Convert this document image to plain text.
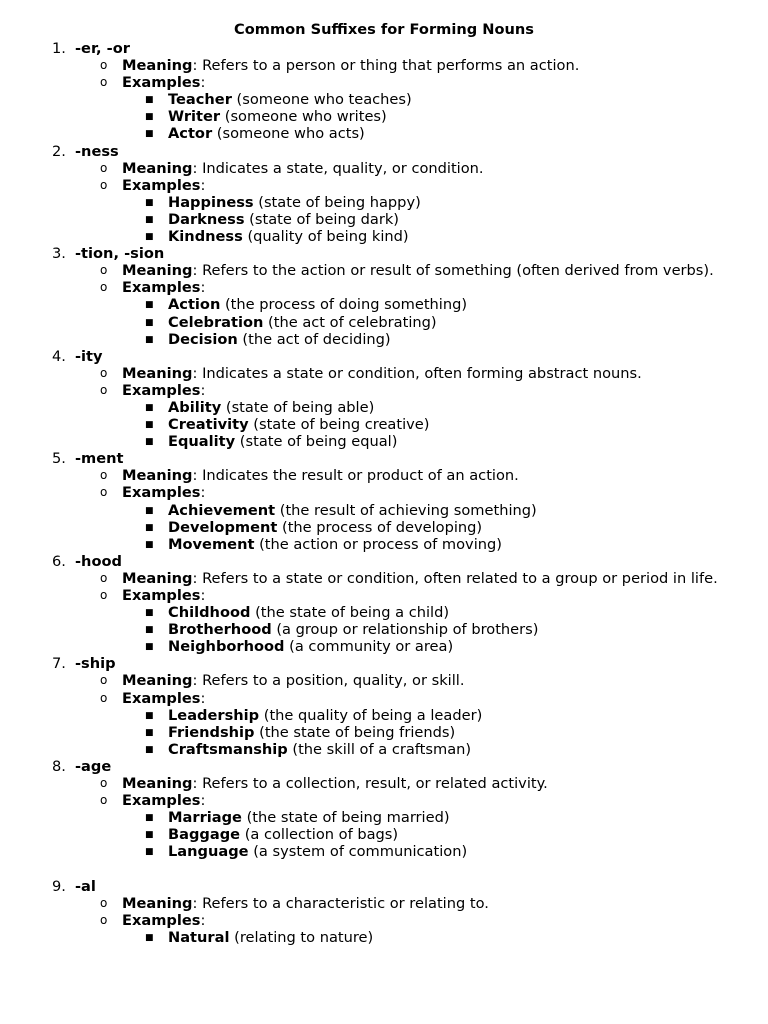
Common Suffixes for Forming Nouns
1. -er, -or

o Meaning: Refers to a person or thing that performs an action.
o Examples:
■ Teacher (someone who teaches)
■ Writer (someone who writes)
■ Actor (someone who acts)
2. -ness

o Meaning: Indicates a state, quality, or condition.
o Examples:
■ Happiness (state of being happy)
■ Darkness (state of being dark)
■ Kindness (quality of being kind)
3. -tion, -sion

o Meaning: Refers to the action or result of something (often derived from verbs).
o Examples:
■ Action (the process of doing something)
■ Celebration (the act of celebrating)
■ Decision (the act of deciding)
4. -ity

o Meaning: Indicates a state or condition, often forming abstract nouns.
o Examples:
■ Ability (state of being able)
■ Creativity (state of being creative)
■ Equality (state of being equal)
5. -ment

o Meaning: Indicates the result or product of an action.
o Examples:
■ Achievement (the result of achieving something)
■ Development (the process of developing)
■ Movement (the action or process of moving)
6. -hood

o Meaning: Refers to a state or condition, often related to a group or period in life.
o Examples:
■ Childhood (the state of being a child)
■ Brotherhood (a group or relationship of brothers)
■ Neighborhood (a community or area)
7. -ship

o Meaning: Refers to a position, quality, or skill.
o Examples:
■ Leadership (the quality of being a leader)
■ Friendship (the state of being friends)
■ Craftsmanship (the skill of a craftsman)
8. -age

o Meaning: Refers to a collection, result, or related activity.
o Examples:
■ Marriage (the state of being married)
■ Baggage (a collection of bags)
■ Language (a system of communication)
9. -al

o Meaning: Refers to a characteristic or relating to.
o Examples:
■ Natural (relating to nature)
